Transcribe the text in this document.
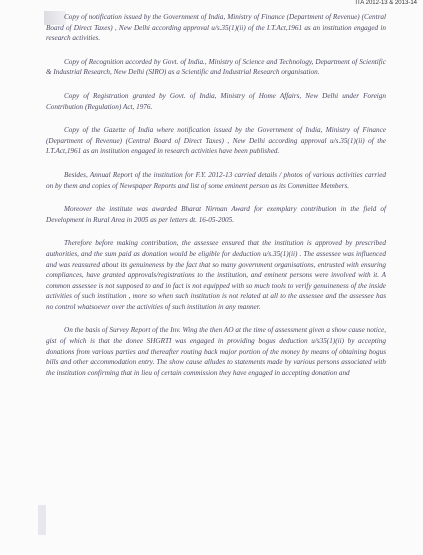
ITA 2012-13 & 2013-14

Copy of notification issued by the Government of India, Ministry of Finance (Department of Revenue) (Central Board of Direct Taxes) , New Delhi according approval u/s.35(1)(ii) of the I.T.Act,1961 as an institution engaged in research activities.

Copy of Recognition accorded by Govt. of India., Ministry of Science and Technology, Department of Scientific & Industrial Research, New Delhi (SIRO) as a Scientific and Industrial Research organisation.

Copy of Registration granted by Govt. of India, Ministry of Home Affairs, New Delhi under Foreign Contribution (Regulation) Act, 1976.

Copy of the Gazette of India where notification issued by the Government of India, Ministry of Finance (Department of Revenue) (Central Board of Direct Taxes) , New Delhi according approval u/s.35(1)(ii) of the I.T.Act,1961 as an institution engaged in research activities have been published.

Besides, Annual Report of the institution for F.Y. 2012-13 carried details / photos of various activities carried on by them and copies of Newspaper Reports and list of some eminent person as its Committee Members.

Moreover the institute was awarded Bharat Nirman Award for exemplary contribution in the field of Development in Rural Area in 2005 as per letters dt. 16-05-2005.

Therefore before making contribution, the assessee ensured that the institution is approved by prescribed authorities, and the sum paid as donation would be eligible for deduction u/s.35(1)(ii) . The assessee was influenced and was reassured about its genuineness by the fact that so many government organisations, entrusted with ensuring compliances, have granted approvals/registrations to the institution, and eminent persons were involved with it. A common assessee is not supposed to and in fact is not equipped with so much tools to verify genuineness of the inside activities of such institution , more so when such institution is not related at all to the assessee and the assessee has no control whatsoever over the activities of such institution in any manner.

On the basis of Survey Report of the Inv. Wing the then AO at the time of assessment given a show cause notice, gist of which is that the donee SHGRTI was engaged in providing bogus deduction u/s35(1)(ii) by accepting donations from various parties and thereafter routing back major portion of the money by means of obtaining bogus bills and other accommodation entry. The show cause alludes to statements made by various persons associated with the institution confirming that in lieu of certain commission they have engaged in accepting donation and
